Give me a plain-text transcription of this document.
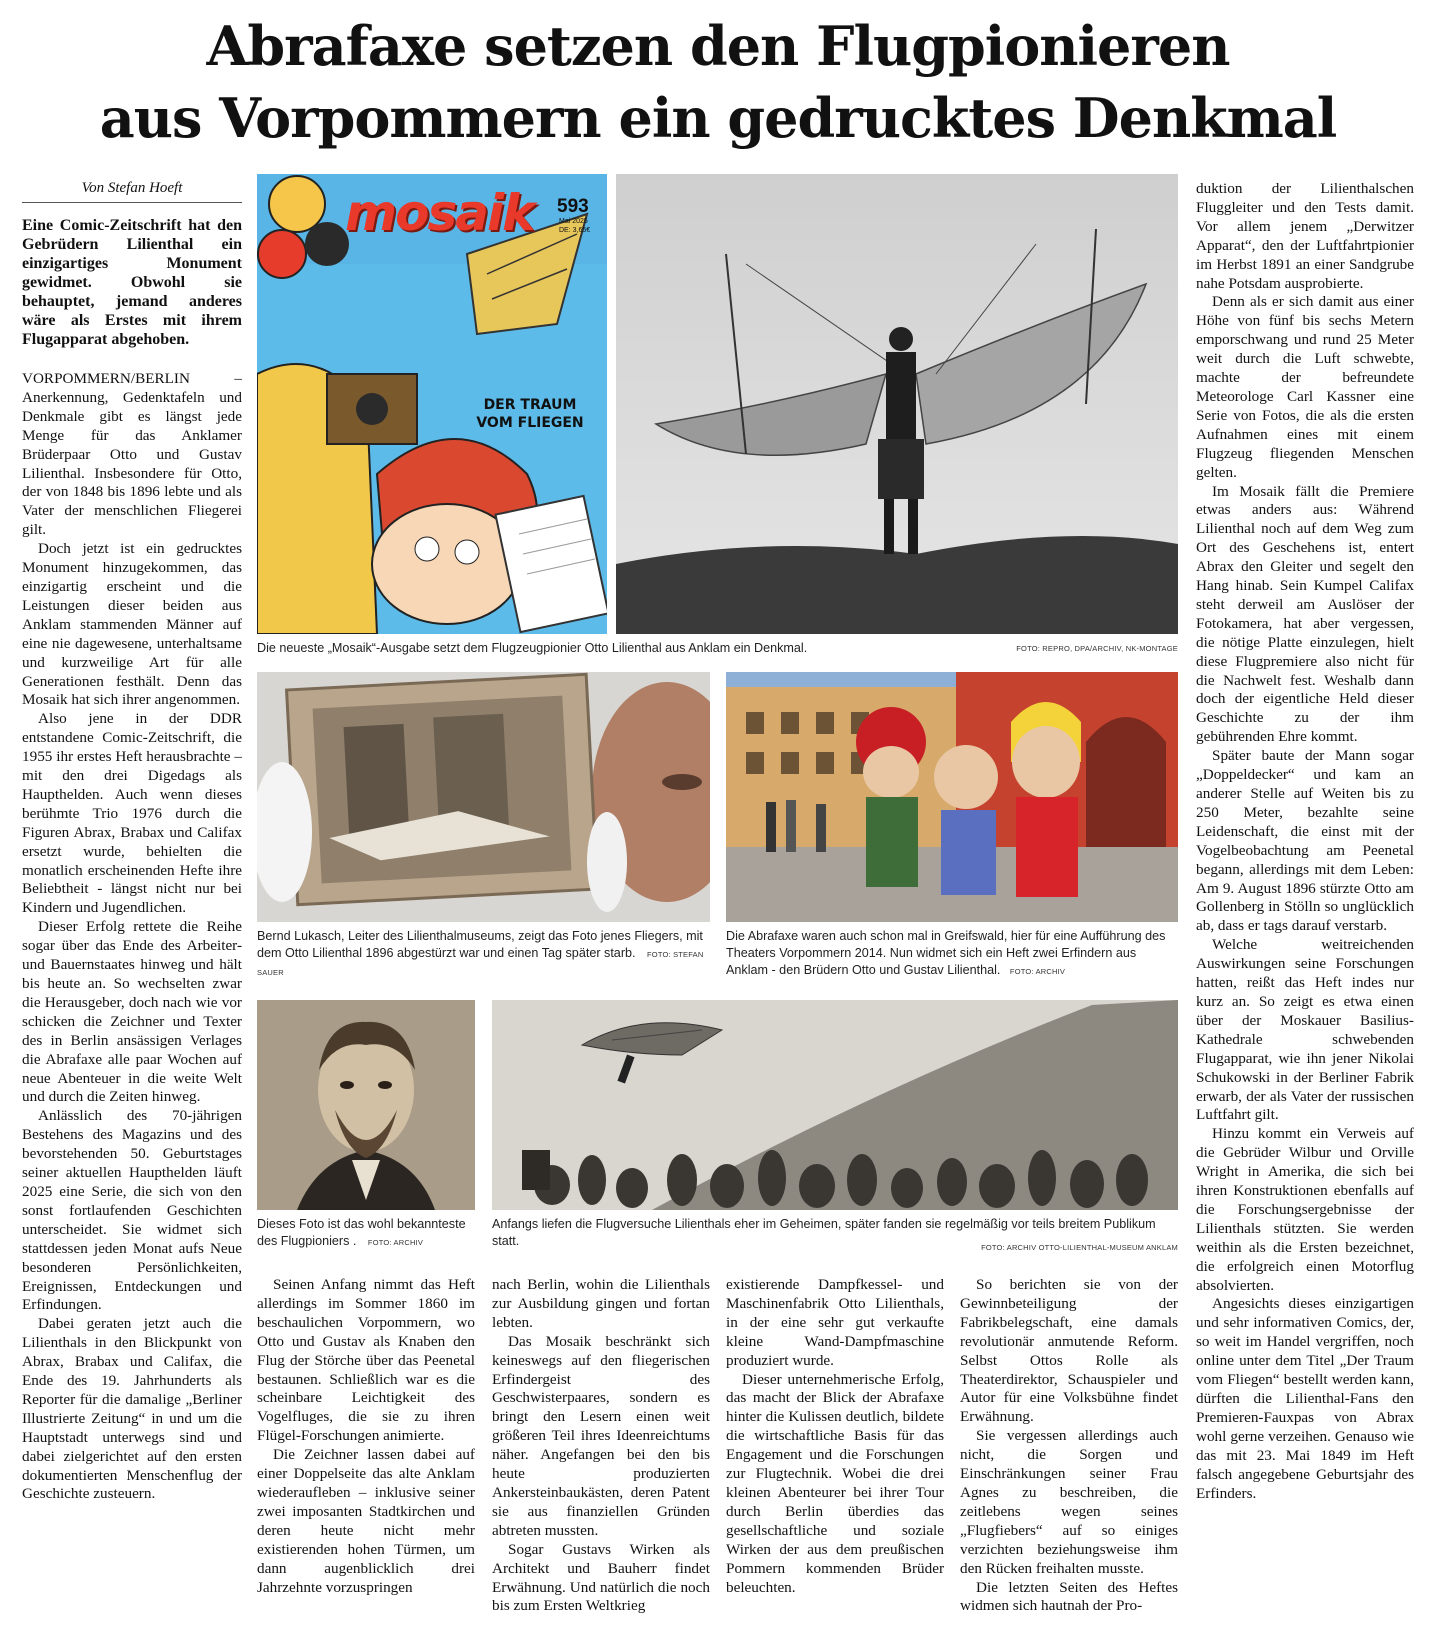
Abrafaxe setzen den Flugpionieren
aus Vorpommern ein gedrucktes Denkmal
Von Stefan Hoeft
Eine Comic-Zeitschrift hat den Gebrüdern Lilienthal ein einzigartiges Monument gewidmet. Obwohl sie behauptet, jemand anderes wäre als Erstes mit ihrem Flugapparat abgehoben.

VORPOMMERN/BERLIN – Anerkennung, Gedenktafeln und Denkmale gibt es längst jede Menge für das Anklamer Brüderpaar Otto und Gustav Lilienthal. Insbesondere für Otto, der von 1848 bis 1896 lebte und als Vater der menschlichen Fliegerei gilt.

Doch jetzt ist ein gedrucktes Monument hinzugekommen, das einzigartig erscheint und die Leistungen dieser beiden aus Anklam stammenden Männer auf eine nie dagewesene, unterhaltsame und kurzweilige Art für alle Generationen festhält. Denn das Mosaik hat sich ihrer angenommen.

Also jene in der DDR entstandene Comic-Zeitschrift, die 1955 ihr erstes Heft herausbrachte – mit den drei Digedags als Haupthelden. Auch wenn dieses berühmte Trio 1976 durch die Figuren Abrax, Brabax und Califax ersetzt wurde, behielten die monatlich erscheinenden Hefte ihre Beliebtheit - längst nicht nur bei Kindern und Jugendlichen.

Dieser Erfolg rettete die Reihe sogar über das Ende des Arbeiter- und Bauernstaates hinweg und hält bis heute an. So wechselten zwar die Herausgeber, doch nach wie vor schicken die Zeichner und Texter des in Berlin ansässigen Verlages die Abrafaxe alle paar Wochen auf neue Abenteuer in die weite Welt und durch die Zeiten hinweg.

Anlässlich des 70-jährigen Bestehens des Magazins und des bevorstehenden 50. Geburtstages seiner aktuellen Haupthelden läuft 2025 eine Serie, die sich von den sonst fortlaufenden Geschichten unterscheidet. Sie widmet sich stattdessen jeden Monat aufs Neue besonderen Persönlichkeiten, Ereignissen, Entdeckungen und Erfindungen.

Dabei geraten jetzt auch die Lilienthals in den Blickpunkt von Abrax, Brabax und Califax, die Ende des 19. Jahrhunderts als Reporter für die damalige „Berliner Illustrierte Zeitung“ in und um die Hauptstadt unterwegs sind und dabei zielgerichtet auf den ersten dokumentierten Menschenflug der Geschichte zusteuern.

mosaik 593
Mai 2025
DE: 3,65€
DER TRAUM VOM FLIEGEN
FOTO: REPRO, DPA/ARCHIV, NK-MONTAGE
Die neueste „Mosaik“-Ausgabe setzt dem Flugzeugpionier Otto Lilienthal aus Anklam ein Denkmal.
Bernd Lukasch, Leiter des Lilienthalmuseums, zeigt das Foto jenes Fliegers, mit dem Otto Lilienthal 1896 abgestürzt war und einen Tag später starb. FOTO: STEFAN SAUER
Die Abrafaxe waren auch schon mal in Greifswald, hier für eine Aufführung des Theaters Vorpommern 2014. Nun widmet sich ein Heft zwei Erfindern aus Anklam - den Brüdern Otto und Gustav Lilienthal. FOTO: ARCHIV
Dieses Foto ist das wohl bekannteste des Flugpioniers . FOTO: ARCHIV
Anfangs liefen die Flugversuche Lilienthals eher im Geheimen, später fanden sie regelmäßig vor teils breitem Publikum statt.	FOTO: ARCHIV OTTO-LILIENTHAL-MUSEUM ANKLAM

Seinen Anfang nimmt das Heft allerdings im Sommer 1860 im beschaulichen Vorpommern, wo Otto und Gustav als Knaben den Flug der Störche über das Peenetal bestaunen. Schließlich war es die scheinbare Leichtigkeit des Vogelfluges, die sie zu ihren Flügel-Forschungen animierte.

Die Zeichner lassen dabei auf einer Doppelseite das alte Anklam wiederaufleben – inklusive seiner zwei imposanten Stadtkirchen und deren heute nicht mehr existierenden hohen Türmen, um dann augenblicklich drei Jahrzehnte vorzuspringen

nach Berlin, wohin die Lilienthals zur Ausbildung gingen und fortan lebten.

Das Mosaik beschränkt sich keineswegs auf den fliegerischen Erfindergeist des Geschwisterpaares, sondern es bringt den Lesern einen weit größeren Teil ihres Ideenreichtums näher. Angefangen bei den bis heute produzierten Ankersteinbaukästen, deren Patent sie aus finanziellen Gründen abtreten mussten.

Sogar Gustavs Wirken als Architekt und Bauherr findet Erwähnung. Und natürlich die noch bis zum Ersten Weltkrieg

existierende Dampfkessel- und Maschinenfabrik Otto Lilienthals, in der eine sehr gut verkaufte kleine Wand-Dampfmaschine produziert wurde.

Dieser unternehmerische Erfolg, das macht der Blick der Abrafaxe hinter die Kulissen deutlich, bildete die wirtschaftliche Basis für das Engagement und die Forschungen zur Flugtechnik. Wobei die drei kleinen Abenteurer bei ihrer Tour durch Berlin überdies das gesellschaftliche und soziale Wirken der aus dem preußischen Pommern kommenden Brüder beleuchten.

So berichten sie von der Gewinnbeteiligung der Fabrikbelegschaft, eine damals revolutionär anmutende Reform. Selbst Ottos Rolle als Theaterdirektor, Schauspieler und Autor für eine Volksbühne findet Erwähnung.

Sie vergessen allerdings auch nicht, die Sorgen und Einschränkungen seiner Frau Agnes zu beschreiben, die zeitlebens wegen seines „Flugfiebers“ auf so einiges verzichten beziehungsweise ihm den Rücken freihalten musste.

Die letzten Seiten des Heftes widmen sich hautnah der Pro-

duktion der Lilienthalschen Fluggleiter und den Tests damit. Vor allem jenem „Derwitzer Apparat“, den der Luftfahrtpionier im Herbst 1891 an einer Sandgrube nahe Potsdam ausprobierte.

Denn als er sich damit aus einer Höhe von fünf bis sechs Metern emporschwang und rund 25 Meter weit durch die Luft schwebte, machte der befreundete Meteorologe Carl Kassner eine Serie von Fotos, die als die ersten Aufnahmen eines mit einem Flugzeug fliegenden Menschen gelten.

Im Mosaik fällt die Premiere etwas anders aus: Während Lilienthal noch auf dem Weg zum Ort des Geschehens ist, entert Abrax den Gleiter und segelt den Hang hinab. Sein Kumpel Califax steht derweil am Auslöser der Fotokamera, hat aber vergessen, die nötige Platte einzulegen, hielt diese Flugpremiere also nicht für die Nachwelt fest. Weshalb dann doch der eigentliche Held dieser Geschichte zu der ihm gebührenden Ehre kommt.

Später baute der Mann sogar „Doppeldecker“ und kam an anderer Stelle auf Weiten bis zu 250 Meter, bezahlte seine Leidenschaft, die einst mit der Vogelbeobachtung am Peenetal begann, allerdings mit dem Leben: Am 9. August 1896 stürzte Otto am Gollenberg in Stölln so unglücklich ab, dass er tags darauf verstarb.

Welche weitreichenden Auswirkungen seine Forschungen hatten, reißt das Heft indes nur kurz an. So zeigt es etwa einen über der Moskauer Basilius-Kathedrale schwebenden Flugapparat, wie ihn jener Nikolai Schukowski in der Berliner Fabrik erwarb, der als Vater der russischen Luftfahrt gilt.

Hinzu kommt ein Verweis auf die Gebrüder Wilbur und Orville Wright in Amerika, die sich bei ihren Konstruktionen ebenfalls auf die Forschungsergebnisse der Lilienthals stützten. Sie werden weithin als die Ersten bezeichnet, die erfolgreich einen Motorflug absolvierten.

Angesichts dieses einzigartigen und sehr informativen Comics, der, so weit im Handel vergriffen, noch online unter dem Titel „Der Traum vom Fliegen“ bestellt werden kann, dürften die Lilienthal-Fans den Premieren-Fauxpas von Abrax wohl gerne verzeihen. Genauso wie das mit 23. Mai 1849 im Heft falsch angegebene Geburtsjahr des Erfinders.
